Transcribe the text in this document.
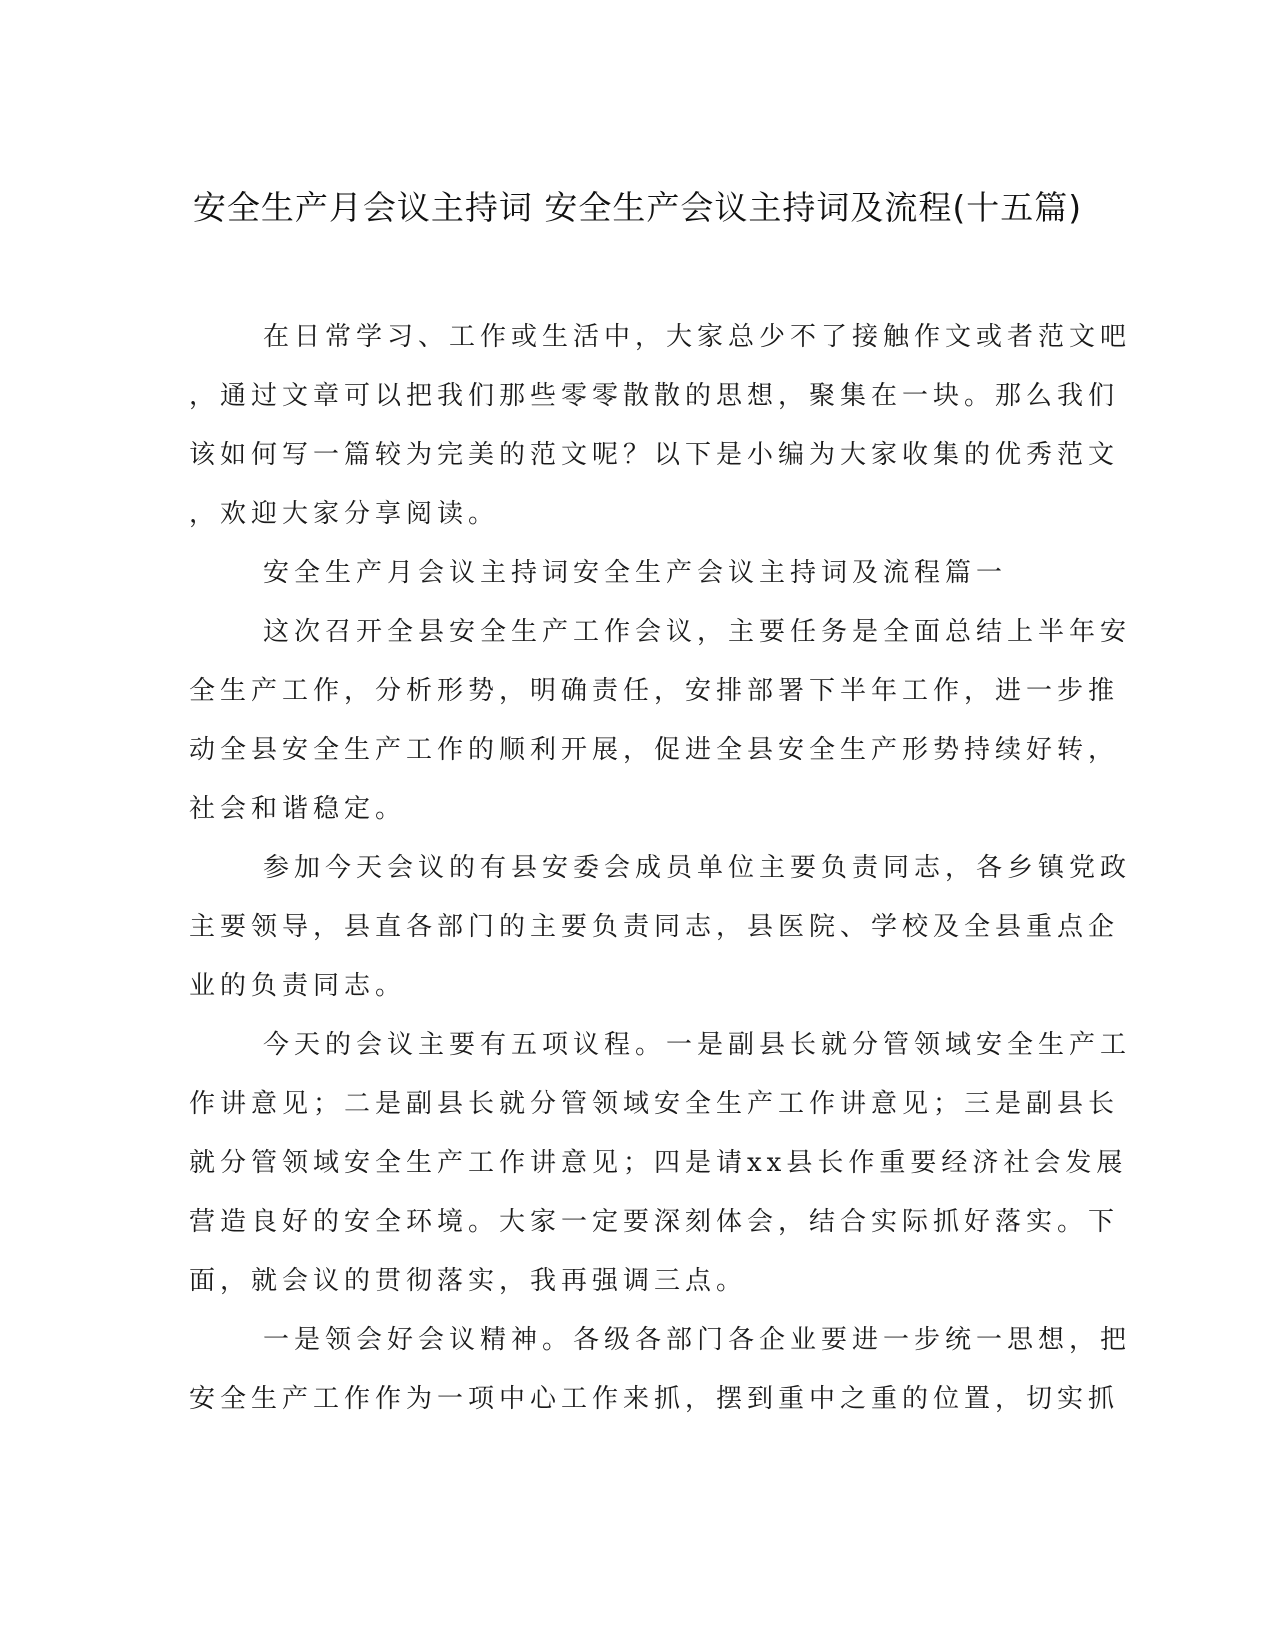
安全生产月会议主持词 安全生产会议主持词及流程(十五篇)
在日常学习、工作或生活中，大家总少不了接触作文或者范文吧
，通过文章可以把我们那些零零散散的思想，聚集在一块。那么我们
该如何写一篇较为完美的范文呢？以下是小编为大家收集的优秀范文
，欢迎大家分享阅读。
安全生产月会议主持词安全生产会议主持词及流程篇一
这次召开全县安全生产工作会议，主要任务是全面总结上半年安
全生产工作，分析形势，明确责任，安排部署下半年工作，进一步推
动全县安全生产工作的顺利开展，促进全县安全生产形势持续好转，
社会和谐稳定。
参加今天会议的有县安委会成员单位主要负责同志，各乡镇党政
主要领导，县直各部门的主要负责同志，县医院、学校及全县重点企
业的负责同志。
今天的会议主要有五项议程。一是副县长就分管领域安全生产工
作讲意见；二是副县长就分管领域安全生产工作讲意见；三是副县长
就分管领域安全生产工作讲意见；四是请xx县长作重要经济社会发展
营造良好的安全环境。大家一定要深刻体会，结合实际抓好落实。下
面，就会议的贯彻落实，我再强调三点。
一是领会好会议精神。各级各部门各企业要进一步统一思想，把
安全生产工作作为一项中心工作来抓，摆到重中之重的位置，切实抓
